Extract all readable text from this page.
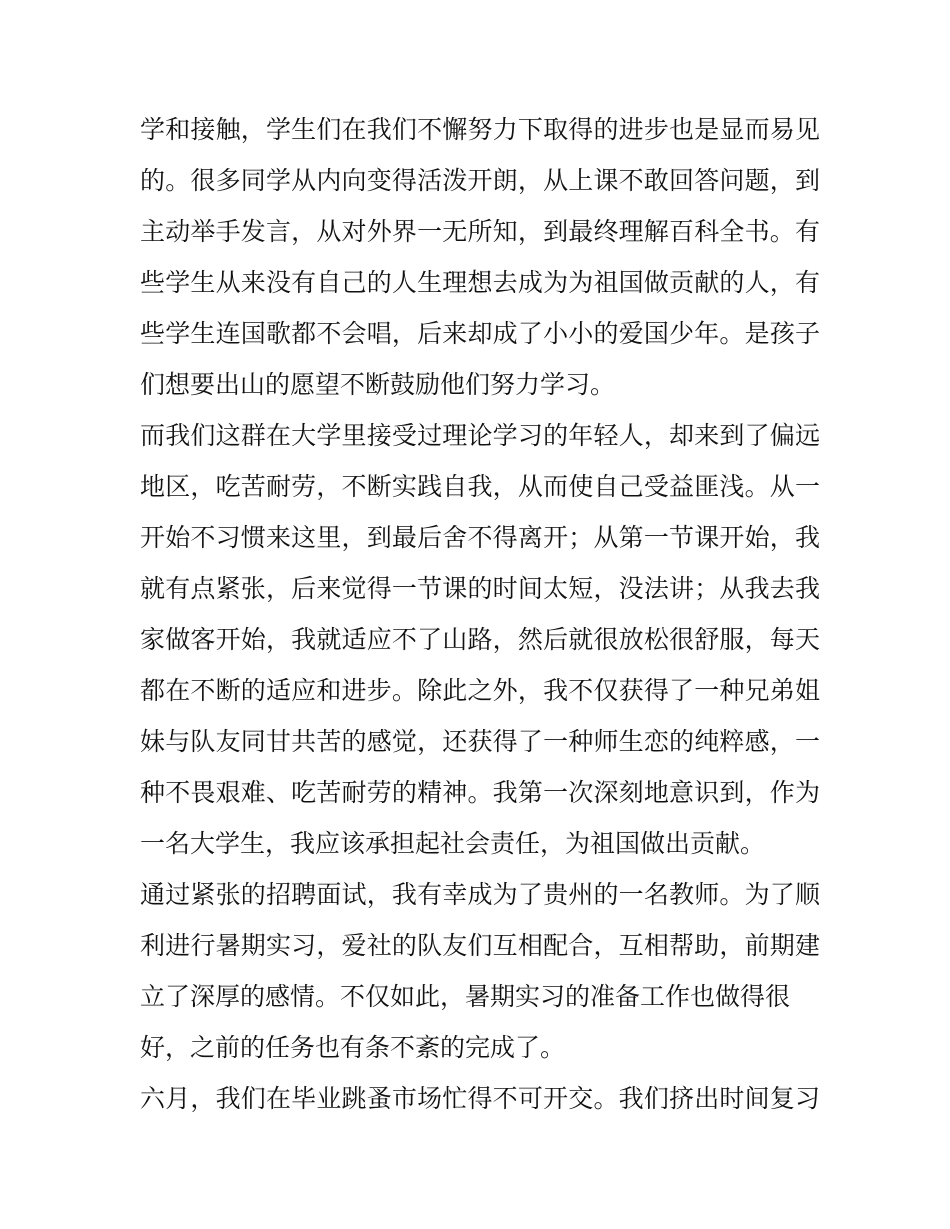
学和接触，学生们在我们不懈努力下取得的进步也是显而易见
的。很多同学从内向变得活泼开朗，从上课不敢回答问题，到
主动举手发言，从对外界一无所知，到最终理解百科全书。有
些学生从来没有自己的人生理想去成为为祖国做贡献的人，有
些学生连国歌都不会唱，后来却成了小小的爱国少年。是孩子
们想要出山的愿望不断鼓励他们努力学习。
而我们这群在大学里接受过理论学习的年轻人，却来到了偏远
地区，吃苦耐劳，不断实践自我，从而使自己受益匪浅。从一
开始不习惯来这里，到最后舍不得离开；从第一节课开始，我
就有点紧张，后来觉得一节课的时间太短，没法讲；从我去我
家做客开始，我就适应不了山路，然后就很放松很舒服，每天
都在不断的适应和进步。除此之外，我不仅获得了一种兄弟姐
妹与队友同甘共苦的感觉，还获得了一种师生恋的纯粹感，一
种不畏艰难、吃苦耐劳的精神。我第一次深刻地意识到，作为
一名大学生，我应该承担起社会责任，为祖国做出贡献。
通过紧张的招聘面试，我有幸成为了贵州的一名教师。为了顺
利进行暑期实习，爱社的队友们互相配合，互相帮助，前期建
立了深厚的感情。不仅如此，暑期实习的准备工作也做得很
好，之前的任务也有条不紊的完成了。
六月，我们在毕业跳蚤市场忙得不可开交。我们挤出时间复习
